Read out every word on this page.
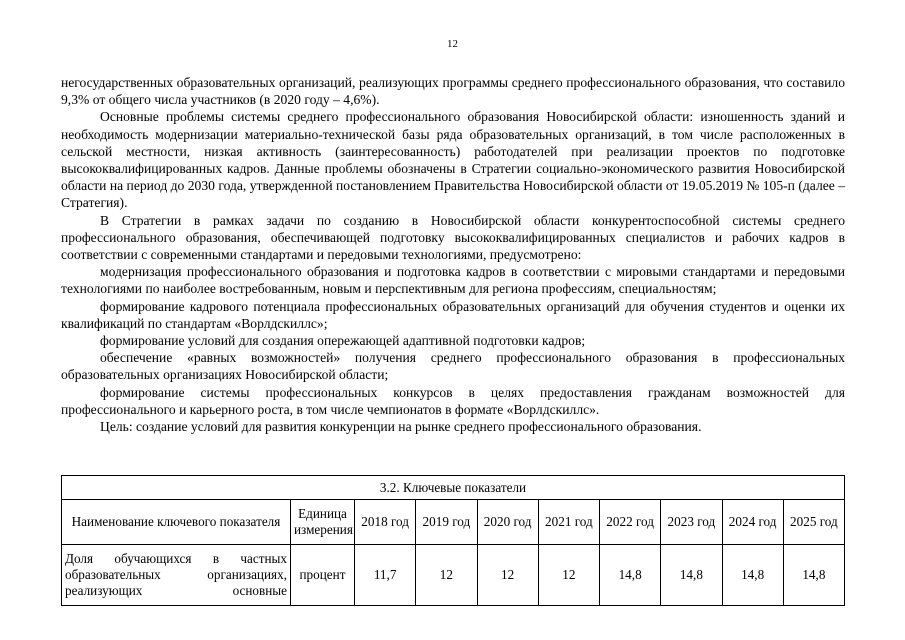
12

негосударственных образовательных организаций, реализующих программы среднего профессионального образования, что составило 9,3% от общего числа участников (в 2020 году – 4,6%).

Основные проблемы системы среднего профессионального образования Новосибирской области: изношенность зданий и необходимость модернизации материально-технической базы ряда образовательных организаций, в том числе расположенных в сельской местности, низкая активность (заинтересованность) работодателей при реализации проектов по подготовке высококвалифицированных кадров. Данные проблемы обозначены в Стратегии социально-экономического развития Новосибирской области на период до 2030 года, утвержденной постановлением Правительства Новосибирской области от 19.05.2019 № 105-п (далее – Стратегия).

В Стратегии в рамках задачи по созданию в Новосибирской области конкурентоспособной системы среднего профессионального образования, обеспечивающей подготовку высококвалифицированных специалистов и рабочих кадров в соответствии с современными стандартами и передовыми технологиями, предусмотрено:

модернизация профессионального образования и подготовка кадров в соответствии с мировыми стандартами и передовыми технологиями по наиболее востребованным, новым и перспективным для региона профессиям, специальностям;

формирование кадрового потенциала профессиональных образовательных организаций для обучения студентов и оценки их квалификаций по стандартам «Ворлдскиллс»;

формирование условий для создания опережающей адаптивной подготовки кадров;

обеспечение «равных возможностей» получения среднего профессионального образования в профессиональных образовательных организациях Новосибирской области;

формирование системы профессиональных конкурсов в целях предоставления гражданам возможностей для профессионального и карьерного роста, в том числе чемпионатов в формате «Ворлдскиллс».

Цель: создание условий для развития конкуренции на рынке среднего профессионального образования.

3.2. Ключевые показатели									
Наименование ключевого показателя	Единица измерения	2018 год	2019 год	2020 год	2021 год	2022 год	2023 год	2024 год	2025 год
Доля обучающихся в частных образовательных организациях, реализующих основные	процент	11,7	12	12	12	14,8	14,8	14,8	14,8
